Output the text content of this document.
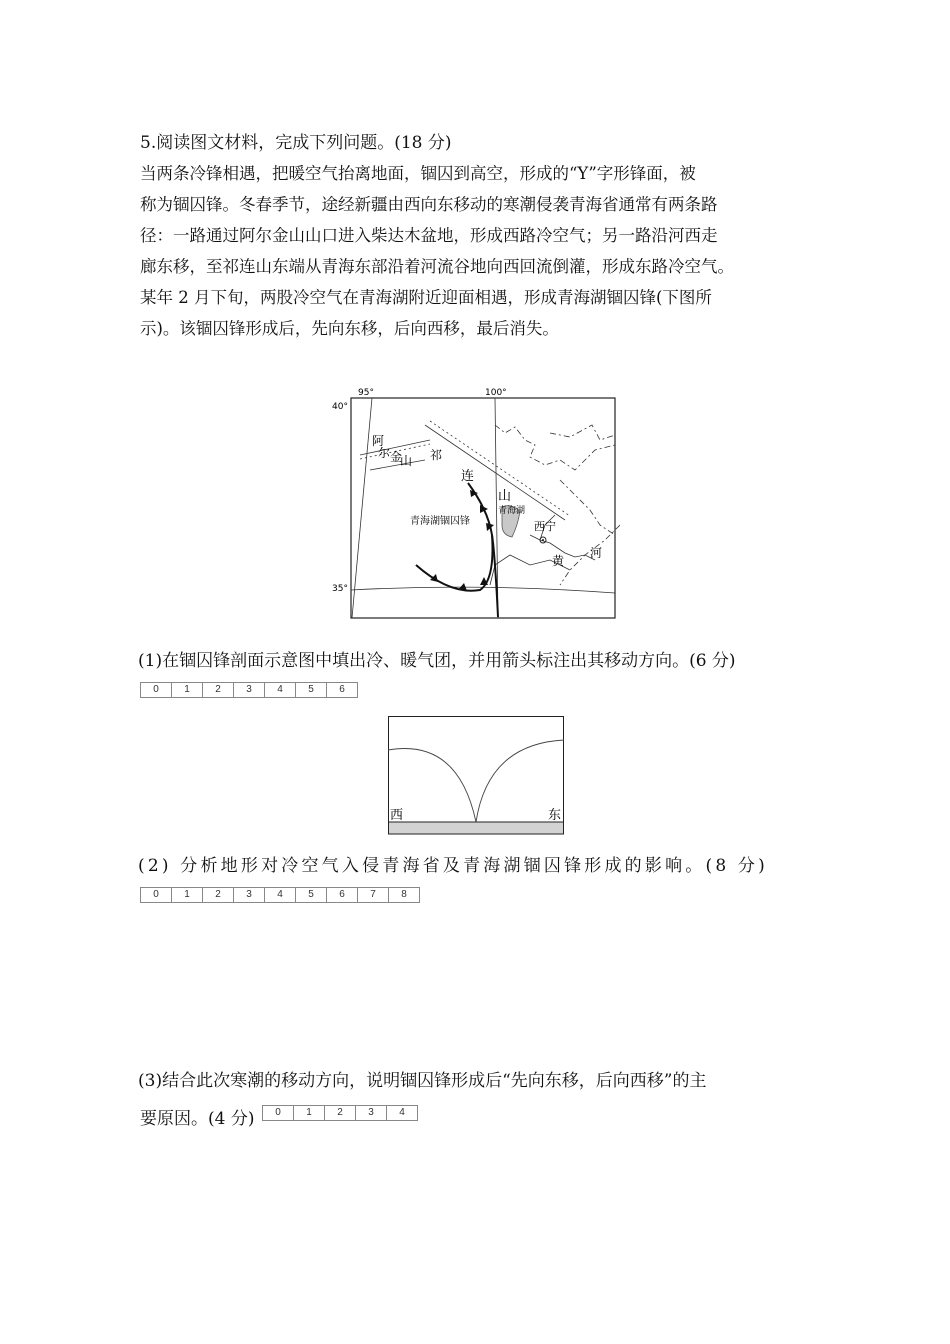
5.阅读图文材料，完成下列问题。(18 分)
当两条冷锋相遇，把暖空气抬离地面，锢囚到高空，形成的“Y”字形锋面，被
称为锢囚锋。冬春季节，途经新疆由西向东移动的寒潮侵袭青海省通常有两条路
径：一路通过阿尔金山山口进入柴达木盆地，形成西路冷空气；另一路沿河西走
廊东移，至祁连山东端从青海东部沿着河流谷地向西回流倒灌，形成东路冷空气。
某年 2 月下旬，两股冷空气在青海湖附近迎面相遇，形成青海湖锢囚锋(下图所
示)。该锢囚锋形成后，先向东移，后向西移，最后消失。
95°	100°
40°
35°
阿
尔 金
山 祁
连
山
青海湖
西宁
黄
河
青海湖锢囚锋
(1)在锢囚锋剖面示意图中填出冷、暖气团，并用箭头标注出其移动方向。(6 分)
0	1	2	3	4	5	6
西	东
(2) 分析地形对冷空气入侵青海省及青海湖锢囚锋形成的影响。(8 分)
0	1	2	3	4	5	6	7	8
(3)结合此次寒潮的移动方向，说明锢囚锋形成后“先向东移，后向西移”的主
要原因。(4 分)	0	1	2	3	4
